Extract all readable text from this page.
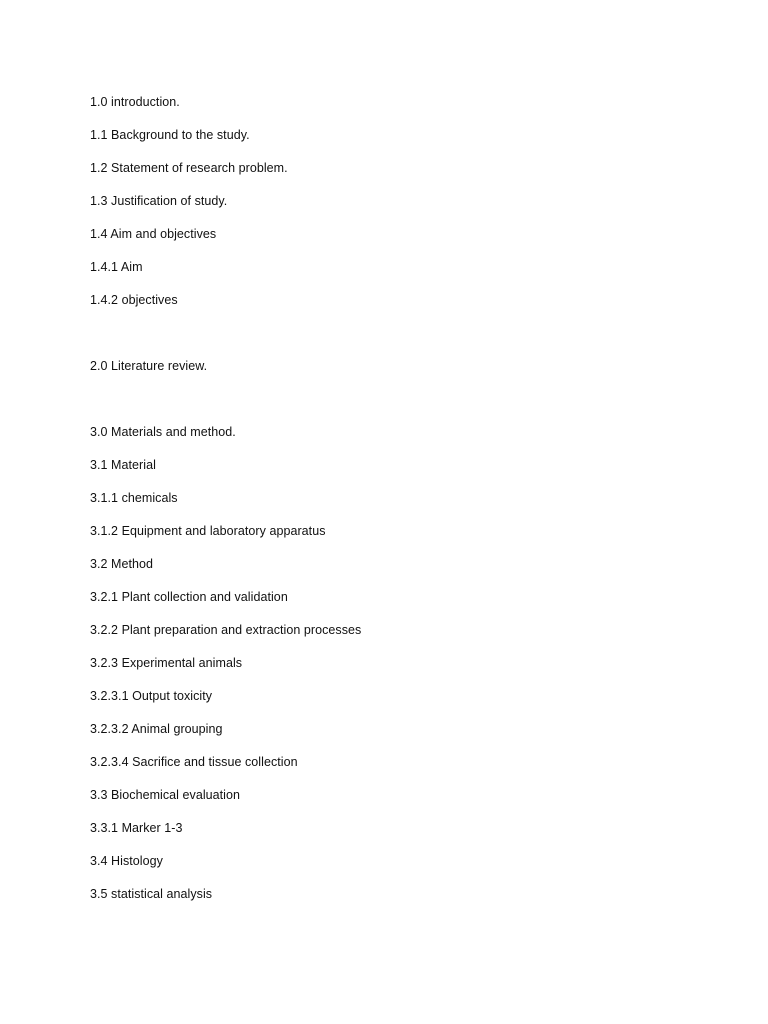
1.0 introduction.
1.1 Background to the study.
1.2 Statement of research problem.
1.3 Justification of study.
1.4 Aim and objectives
1.4.1 Aim
1.4.2 objectives
2.0 Literature review.
3.0 Materials and method.
3.1 Material
3.1.1 chemicals
3.1.2 Equipment and laboratory apparatus
3.2 Method
3.2.1 Plant collection and validation
3.2.2 Plant preparation and extraction processes
3.2.3 Experimental animals
3.2.3.1 Output toxicity
3.2.3.2 Animal grouping
3.2.3.4 Sacrifice and tissue collection
3.3 Biochemical evaluation
3.3.1 Marker 1-3
3.4 Histology
3.5 statistical analysis
